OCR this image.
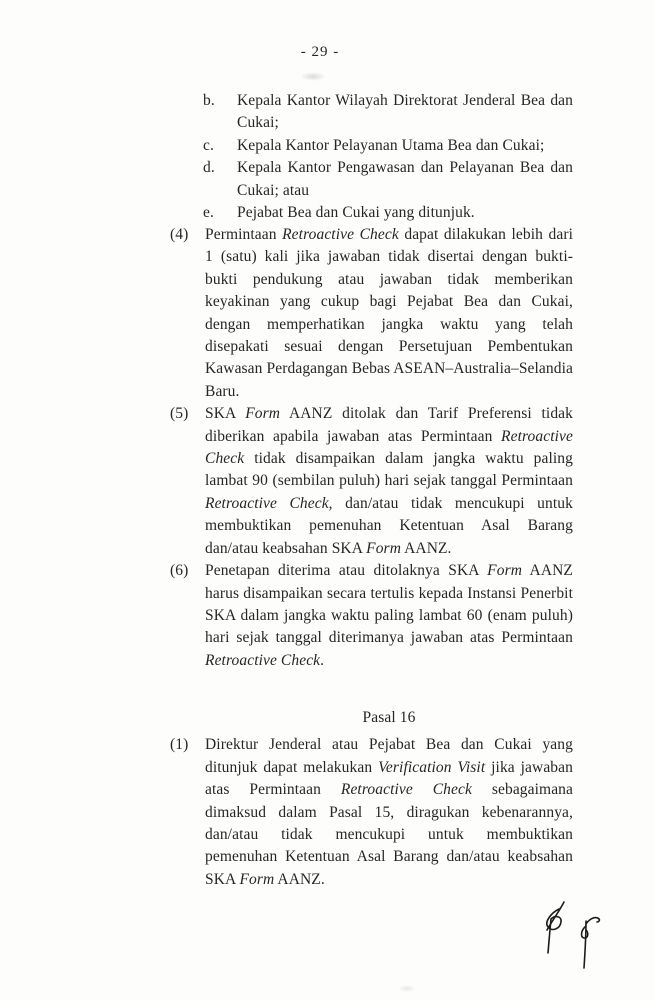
- 29 -
b.	Kepala Kantor Wilayah Direktorat Jenderal Bea dan Cukai;
c.	Kepala Kantor Pelayanan Utama Bea dan Cukai;
d.	Kepala Kantor Pengawasan dan Pelayanan Bea dan Cukai; atau
e.	Pejabat Bea dan Cukai yang ditunjuk.
(4)	Permintaan Retroactive Check dapat dilakukan lebih dari 1 (satu) kali jika jawaban tidak disertai dengan bukti-bukti pendukung atau jawaban tidak memberikan keyakinan yang cukup bagi Pejabat Bea dan Cukai, dengan memperhatikan jangka waktu yang telah disepakati sesuai dengan Persetujuan Pembentukan Kawasan Perdagangan Bebas ASEAN–Australia–Selandia Baru.
(5)	SKA Form AANZ ditolak dan Tarif Preferensi tidak diberikan apabila jawaban atas Permintaan Retroactive Check tidak disampaikan dalam jangka waktu paling lambat 90 (sembilan puluh) hari sejak tanggal Permintaan Retroactive Check, dan/atau tidak mencukupi untuk membuktikan pemenuhan Ketentuan Asal Barang dan/atau keabsahan SKA Form AANZ.
(6)	Penetapan diterima atau ditolaknya SKA Form AANZ harus disampaikan secara tertulis kepada Instansi Penerbit SKA dalam jangka waktu paling lambat 60 (enam puluh) hari sejak tanggal diterimanya jawaban atas Permintaan Retroactive Check.
Pasal 16
(1)	Direktur Jenderal atau Pejabat Bea dan Cukai yang ditunjuk dapat melakukan Verification Visit jika jawaban atas Permintaan Retroactive Check sebagaimana dimaksud dalam Pasal 15, diragukan kebenarannya, dan/atau tidak mencukupi untuk membuktikan pemenuhan Ketentuan Asal Barang dan/atau keabsahan SKA Form AANZ.
